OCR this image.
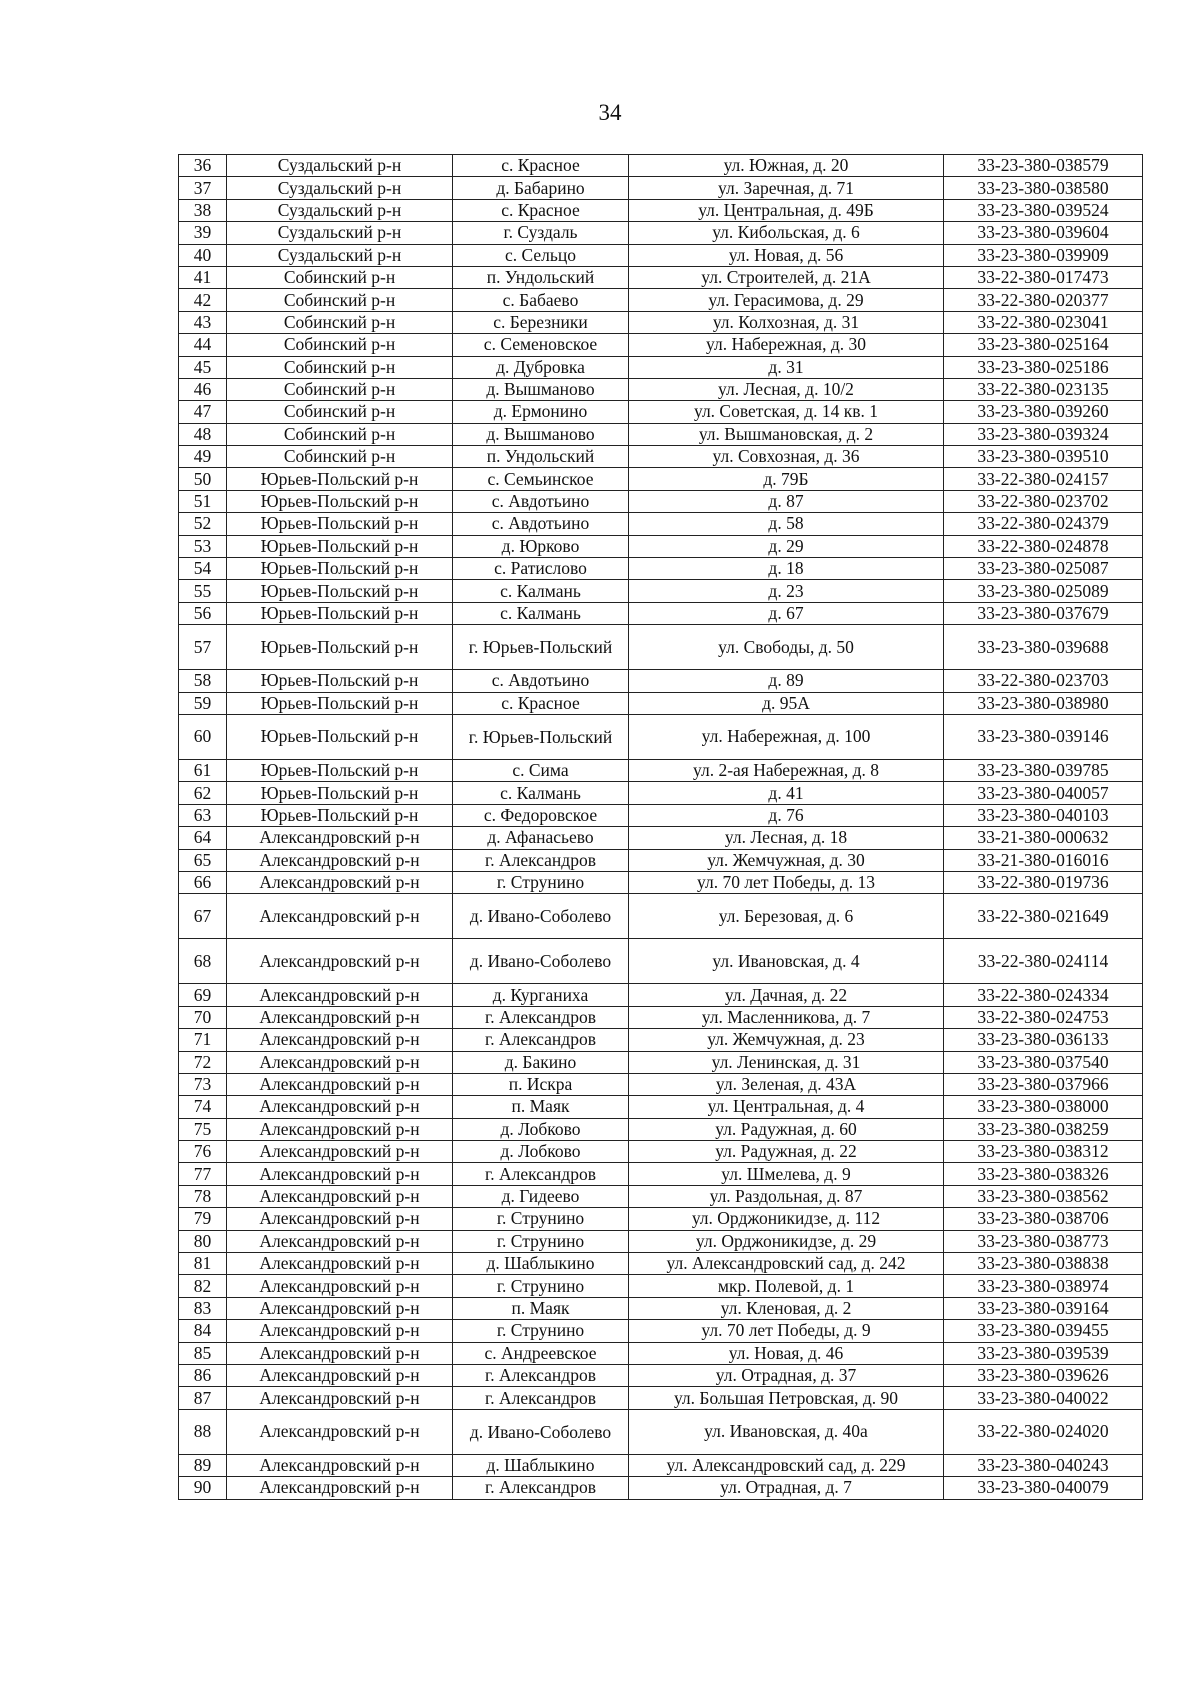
34
36	Суздальский р-н	с. Красное	ул. Южная, д. 20	33-23-380-038579
37	Суздальский р-н	д. Бабарино	ул. Заречная, д. 71	33-23-380-038580
38	Суздальский р-н	с. Красное	ул. Центральная, д. 49Б	33-23-380-039524
39	Суздальский р-н	г. Суздаль	ул. Кибольская, д. 6	33-23-380-039604
40	Суздальский р-н	с. Сельцо	ул. Новая, д. 56	33-23-380-039909
41	Собинский р-н	п. Ундольский	ул. Строителей, д. 21А	33-22-380-017473
42	Собинский р-н	с. Бабаево	ул. Герасимова, д. 29	33-22-380-020377
43	Собинский р-н	с. Березники	ул. Колхозная, д. 31	33-22-380-023041
44	Собинский р-н	с. Семеновское	ул. Набережная, д. 30	33-23-380-025164
45	Собинский р-н	д. Дубровка	д. 31	33-23-380-025186
46	Собинский р-н	д. Вышманово	ул. Лесная, д. 10/2	33-22-380-023135
47	Собинский р-н	д. Ермонино	ул. Советская, д. 14 кв. 1	33-23-380-039260
48	Собинский р-н	д. Вышманово	ул. Вышмановская, д. 2	33-23-380-039324
49	Собинский р-н	п. Ундольский	ул. Совхозная, д. 36	33-23-380-039510
50	Юрьев-Польский р-н	с. Семьинское	д. 79Б	33-22-380-024157
51	Юрьев-Польский р-н	с. Авдотьино	д. 87	33-22-380-023702
52	Юрьев-Польский р-н	с. Авдотьино	д. 58	33-22-380-024379
53	Юрьев-Польский р-н	д. Юрково	д. 29	33-22-380-024878
54	Юрьев-Польский р-н	с. Ратислово	д. 18	33-23-380-025087
55	Юрьев-Польский р-н	с. Калмань	д. 23	33-23-380-025089
56	Юрьев-Польский р-н	с. Калмань	д. 67	33-23-380-037679
57	Юрьев-Польский р-н	г. Юрьев-Польский	ул. Свободы, д. 50	33-23-380-039688
58	Юрьев-Польский р-н	с. Авдотьино	д. 89	33-22-380-023703
59	Юрьев-Польский р-н	с. Красное	д. 95А	33-23-380-038980
60	Юрьев-Польский р-н	г. Юрьев-Польский	ул. Набережная, д. 100	33-23-380-039146
61	Юрьев-Польский р-н	с. Сима	ул. 2-ая Набережная, д. 8	33-23-380-039785
62	Юрьев-Польский р-н	с. Калмань	д. 41	33-23-380-040057
63	Юрьев-Польский р-н	с. Федоровское	д. 76	33-23-380-040103
64	Александровский р-н	д. Афанасьево	ул. Лесная, д. 18	33-21-380-000632
65	Александровский р-н	г. Александров	ул. Жемчужная, д. 30	33-21-380-016016
66	Александровский р-н	г. Струнино	ул. 70 лет Победы, д. 13	33-22-380-019736
67	Александровский р-н	д. Ивано-Соболево	ул. Березовая, д. 6	33-22-380-021649
68	Александровский р-н	д. Ивано-Соболево	ул. Ивановская, д. 4	33-22-380-024114
69	Александровский р-н	д. Курганиха	ул. Дачная, д. 22	33-22-380-024334
70	Александровский р-н	г. Александров	ул. Масленникова, д. 7	33-22-380-024753
71	Александровский р-н	г. Александров	ул. Жемчужная, д. 23	33-23-380-036133
72	Александровский р-н	д. Бакино	ул. Ленинская, д. 31	33-23-380-037540
73	Александровский р-н	п. Искра	ул. Зеленая, д. 43А	33-23-380-037966
74	Александровский р-н	п. Маяк	ул. Центральная, д. 4	33-23-380-038000
75	Александровский р-н	д. Лобково	ул. Радужная, д. 60	33-23-380-038259
76	Александровский р-н	д. Лобково	ул. Радужная, д. 22	33-23-380-038312
77	Александровский р-н	г. Александров	ул. Шмелева, д. 9	33-23-380-038326
78	Александровский р-н	д. Гидеево	ул. Раздольная, д. 87	33-23-380-038562
79	Александровский р-н	г. Струнино	ул. Орджоникидзе, д. 112	33-23-380-038706
80	Александровский р-н	г. Струнино	ул. Орджоникидзе, д. 29	33-23-380-038773
81	Александровский р-н	д. Шаблыкино	ул. Александровский сад, д. 242	33-23-380-038838
82	Александровский р-н	г. Струнино	мкр. Полевой, д. 1	33-23-380-038974
83	Александровский р-н	п. Маяк	ул. Кленовая, д. 2	33-23-380-039164
84	Александровский р-н	г. Струнино	ул. 70 лет Победы, д. 9	33-23-380-039455
85	Александровский р-н	с. Андреевское	ул. Новая, д. 46	33-23-380-039539
86	Александровский р-н	г. Александров	ул. Отрадная, д. 37	33-23-380-039626
87	Александровский р-н	г. Александров	ул. Большая Петровская, д. 90	33-23-380-040022
88	Александровский р-н	д. Ивано-Соболево	ул. Ивановская, д. 40а	33-22-380-024020
89	Александровский р-н	д. Шаблыкино	ул. Александровский сад, д. 229	33-23-380-040243
90	Александровский р-н	г. Александров	ул. Отрадная, д. 7	33-23-380-040079
